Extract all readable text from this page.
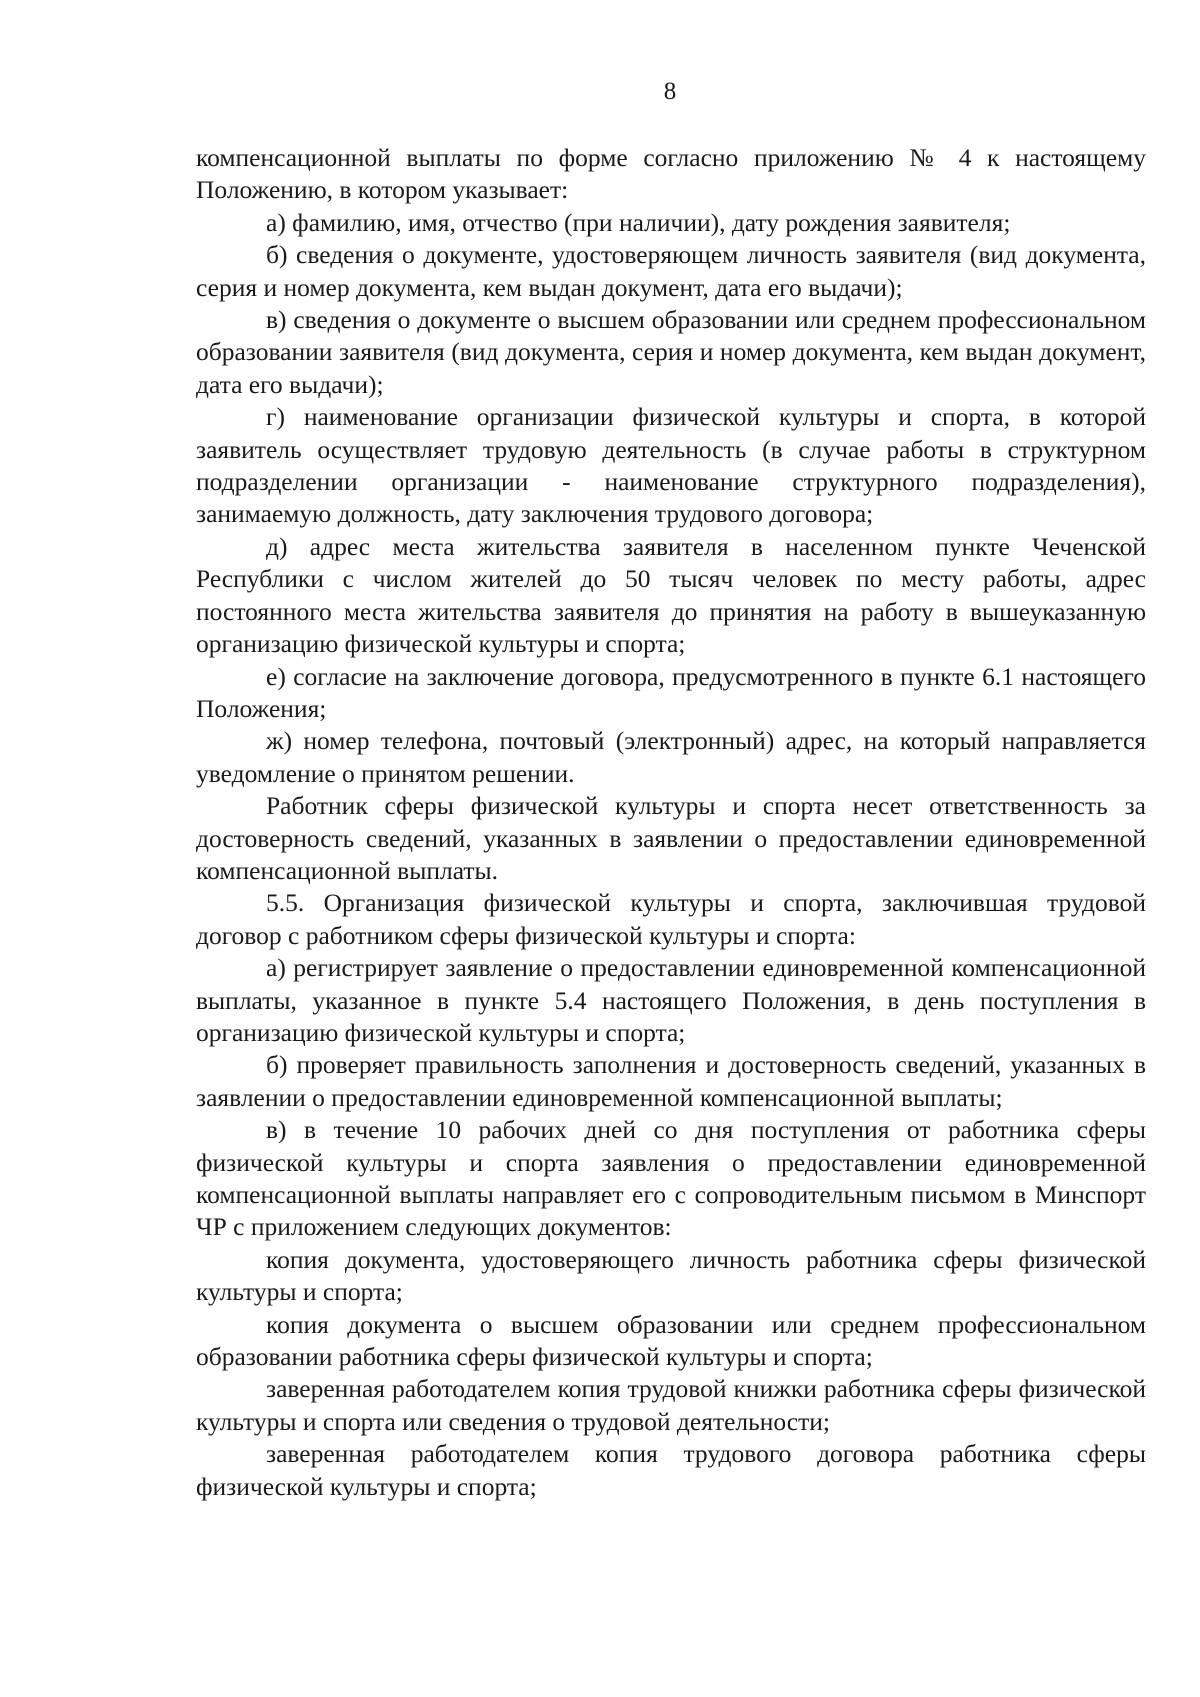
8

компенсационной выплаты по форме согласно приложению № 4 к настоящему Положению, в котором указывает:

а) фамилию, имя, отчество (при наличии), дату рождения заявителя;

б) сведения о документе, удостоверяющем личность заявителя (вид документа, серия и номер документа, кем выдан документ, дата его выдачи);

в) сведения о документе о высшем образовании или среднем профессиональном образовании заявителя (вид документа, серия и номер документа, кем выдан документ, дата его выдачи);

г) наименование организации физической культуры и спорта, в которой заявитель осуществляет трудовую деятельность (в случае работы в структурном подразделении организации - наименование структурного подразделения), занимаемую должность, дату заключения трудового договора;

д) адрес места жительства заявителя в населенном пункте Чеченской Республики с числом жителей до 50 тысяч человек по месту работы, адрес постоянного места жительства заявителя до принятия на работу в вышеуказанную организацию физической культуры и спорта;

е) согласие на заключение договора, предусмотренного в пункте 6.1 настоящего Положения;

ж) номер телефона, почтовый (электронный) адрес, на который направляется уведомление о принятом решении.

Работник сферы физической культуры и спорта несет ответственность за достоверность сведений, указанных в заявлении о предоставлении единовременной компенсационной выплаты.

5.5. Организация физической культуры и спорта, заключившая трудовой договор с работником сферы физической культуры и спорта:

а) регистрирует заявление о предоставлении единовременной компенсационной выплаты, указанное в пункте 5.4 настоящего Положения, в день поступления в организацию физической культуры и спорта;

б) проверяет правильность заполнения и достоверность сведений, указанных в заявлении о предоставлении единовременной компенсационной выплаты;

в) в течение 10 рабочих дней со дня поступления от работника сферы физической культуры и спорта заявления о предоставлении единовременной компенсационной выплаты направляет его с сопроводительным письмом в Минспорт ЧР с приложением следующих документов:

копия документа, удостоверяющего личность работника сферы физической культуры и спорта;

копия документа о высшем образовании или среднем профессиональном образовании работника сферы физической культуры и спорта;

заверенная работодателем копия трудовой книжки работника сферы физической культуры и спорта или сведения о трудовой деятельности;

заверенная работодателем копия трудового договора работника сферы физической культуры и спорта;
